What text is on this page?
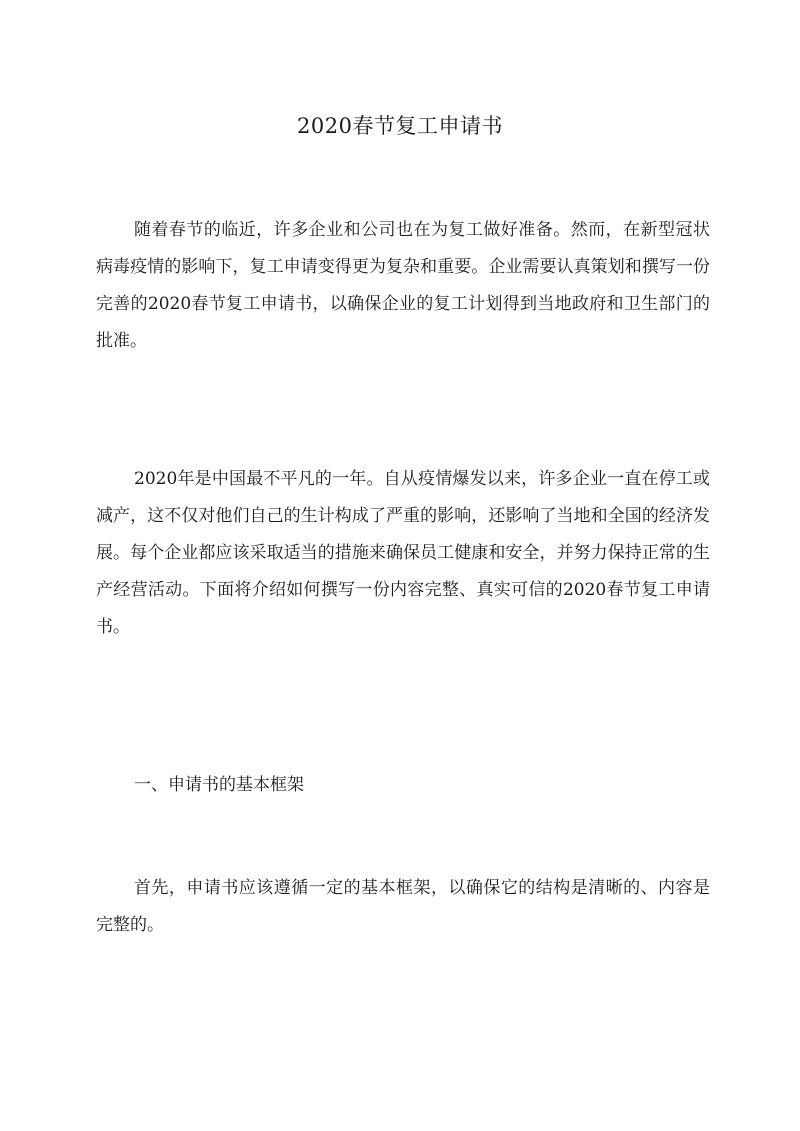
2020春节复工申请书

随着春节的临近，许多企业和公司也在为复工做好准备。然而，在新型冠状病毒疫情的影响下，复工申请变得更为复杂和重要。企业需要认真策划和撰写一份完善的2020春节复工申请书，以确保企业的复工计划得到当地政府和卫生部门的批准。

2020年是中国最不平凡的一年。自从疫情爆发以来，许多企业一直在停工或减产，这不仅对他们自己的生计构成了严重的影响，还影响了当地和全国的经济发展。每个企业都应该采取适当的措施来确保员工健康和安全，并努力保持正常的生产经营活动。下面将介绍如何撰写一份内容完整、真实可信的2020春节复工申请书。

一、申请书的基本框架

首先，申请书应该遵循一定的基本框架，以确保它的结构是清晰的、内容是完整的。
